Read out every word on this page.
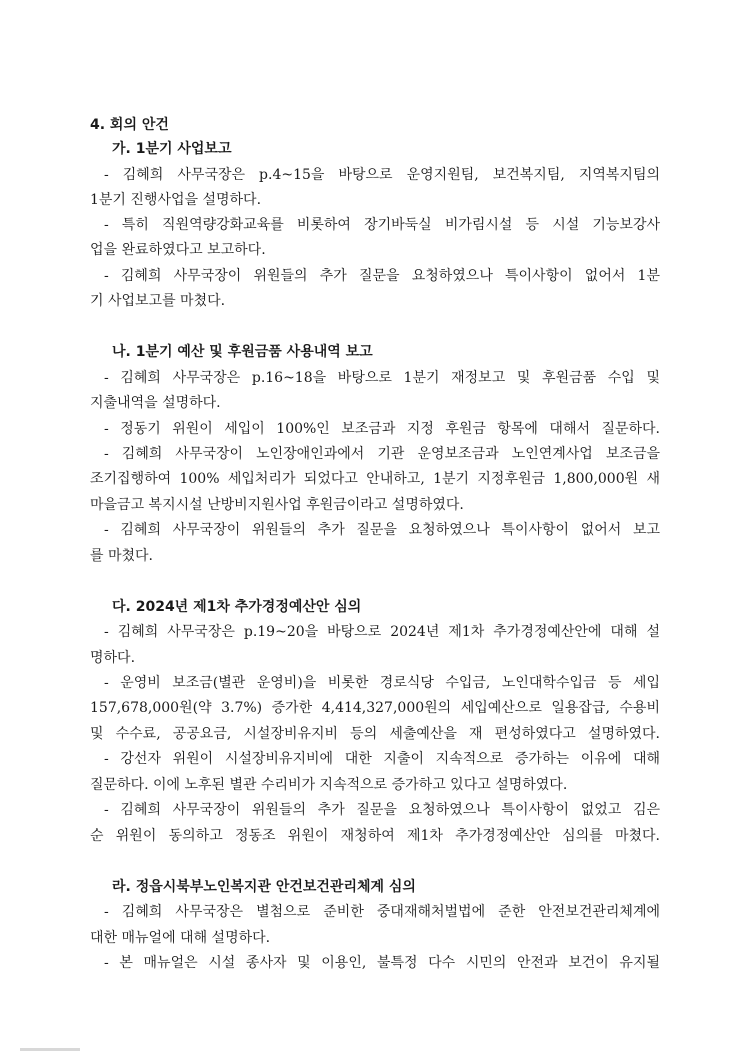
4. 회의 안건
가. 1분기 사업보고
- 김혜희 사무국장은 p.4~15을 바탕으로 운영지원팀, 보건복지팀, 지역복지팀의
1분기 진행사업을 설명하다.
- 특히 직원역량강화교육를 비롯하여 장기바둑실 비가림시설 등 시설 기능보강사
업을 완료하였다고 보고하다.
- 김혜희 사무국장이 위원들의 추가 질문을 요청하였으나 특이사항이 없어서 1분
기 사업보고를 마쳤다.
나. 1분기 예산 및 후원금품 사용내역 보고
- 김혜희 사무국장은 p.16~18을 바탕으로 1분기 재정보고 및 후원금품 수입 및
지출내역을 설명하다.
- 정동기 위원이 세입이 100%인 보조금과 지정 후원금 항목에 대해서 질문하다.
- 김혜희 사무국장이 노인장애인과에서 기관 운영보조금과 노인연계사업 보조금을
조기집행하여 100% 세입처리가 되었다고 안내하고, 1분기 지정후원금 1,800,000원 새
마을금고 복지시설 난방비지원사업 후원금이라고 설명하였다.
- 김혜희 사무국장이 위원들의 추가 질문을 요청하였으나 특이사항이 없어서 보고
를 마쳤다.
다. 2024년 제1차 추가경정예산안 심의
- 김혜희 사무국장은 p.19~20을 바탕으로 2024년 제1차 추가경정예산안에 대해 설
명하다.
- 운영비 보조금(별관 운영비)을 비롯한 경로식당 수입금, 노인대학수입금 등 세입
157,678,000원(약 3.7%) 증가한 4,414,327,000원의 세입예산으로 일용잡급, 수용비
및 수수료, 공공요금, 시설장비유지비 등의 세출예산을 재 편성하였다고 설명하였다.
- 강선자 위원이 시설장비유지비에 대한 지출이 지속적으로 증가하는 이유에 대해
질문하다. 이에 노후된 별관 수리비가 지속적으로 증가하고 있다고 설명하였다.
- 김혜희 사무국장이 위원들의 추가 질문을 요청하였으나 특이사항이 없었고 김은
순 위원이 동의하고 정동조 위원이 재청하여 제1차 추가경정예산안 심의를 마쳤다.
라. 정읍시북부노인복지관 안건보건관리체계 심의
- 김혜희 사무국장은 별첨으로 준비한 중대재해처벌법에 준한 안전보건관리체계에
대한 매뉴얼에 대해 설명하다.
- 본 매뉴얼은 시설 종사자 및 이용인, 불특정 다수 시민의 안전과 보건이 유지될
